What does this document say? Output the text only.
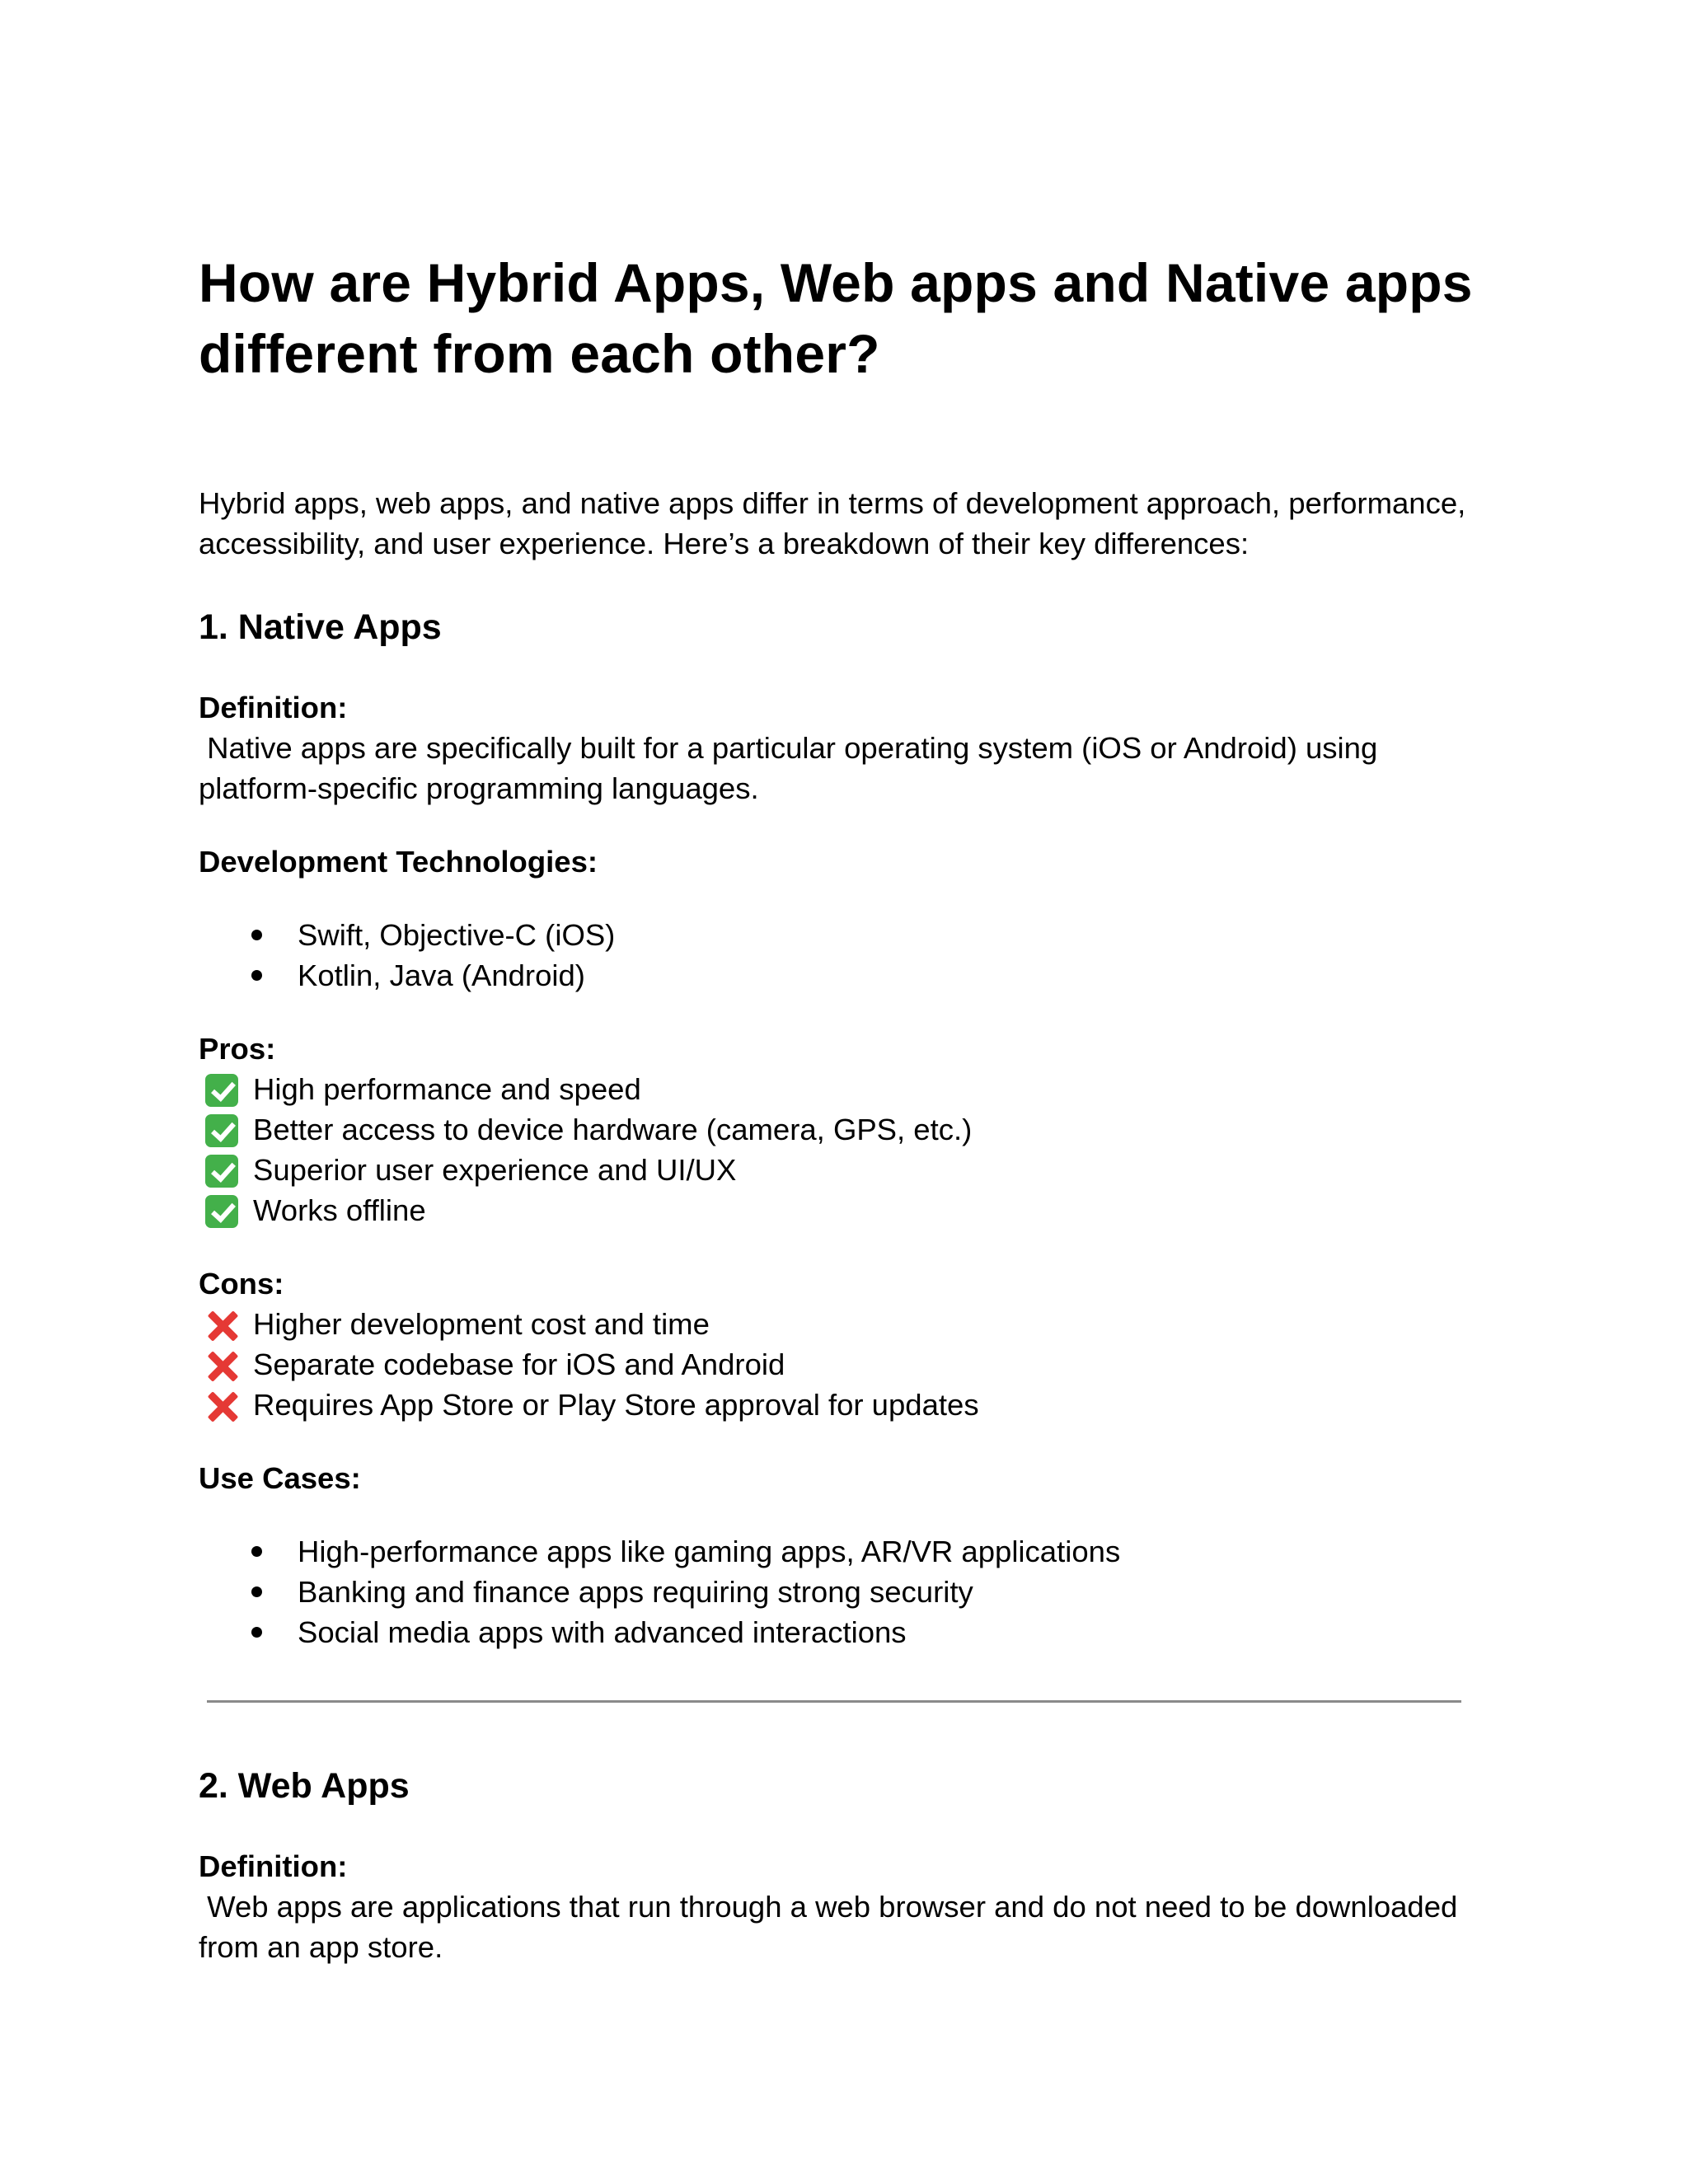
How are Hybrid Apps, Web apps and Native apps different from each other?

Hybrid apps, web apps, and native apps differ in terms of development approach, performance, accessibility, and user experience. Here’s a breakdown of their key differences:

1. Native Apps

Definition:

Native apps are specifically built for a particular operating system (iOS or Android) using platform-specific programming languages.

Development Technologies:

Swift, Objective-C (iOS)
Kotlin, Java (Android)

Pros:

High performance and speed
Better access to device hardware (camera, GPS, etc.)
Superior user experience and UI/UX
Works offline

Cons:

Higher development cost and time
Separate codebase for iOS and Android
Requires App Store or Play Store approval for updates

Use Cases:

High-performance apps like gaming apps, AR/VR applications
Banking and finance apps requiring strong security
Social media apps with advanced interactions
2. Web Apps

Definition:

Web apps are applications that run through a web browser and do not need to be downloaded from an app store.
